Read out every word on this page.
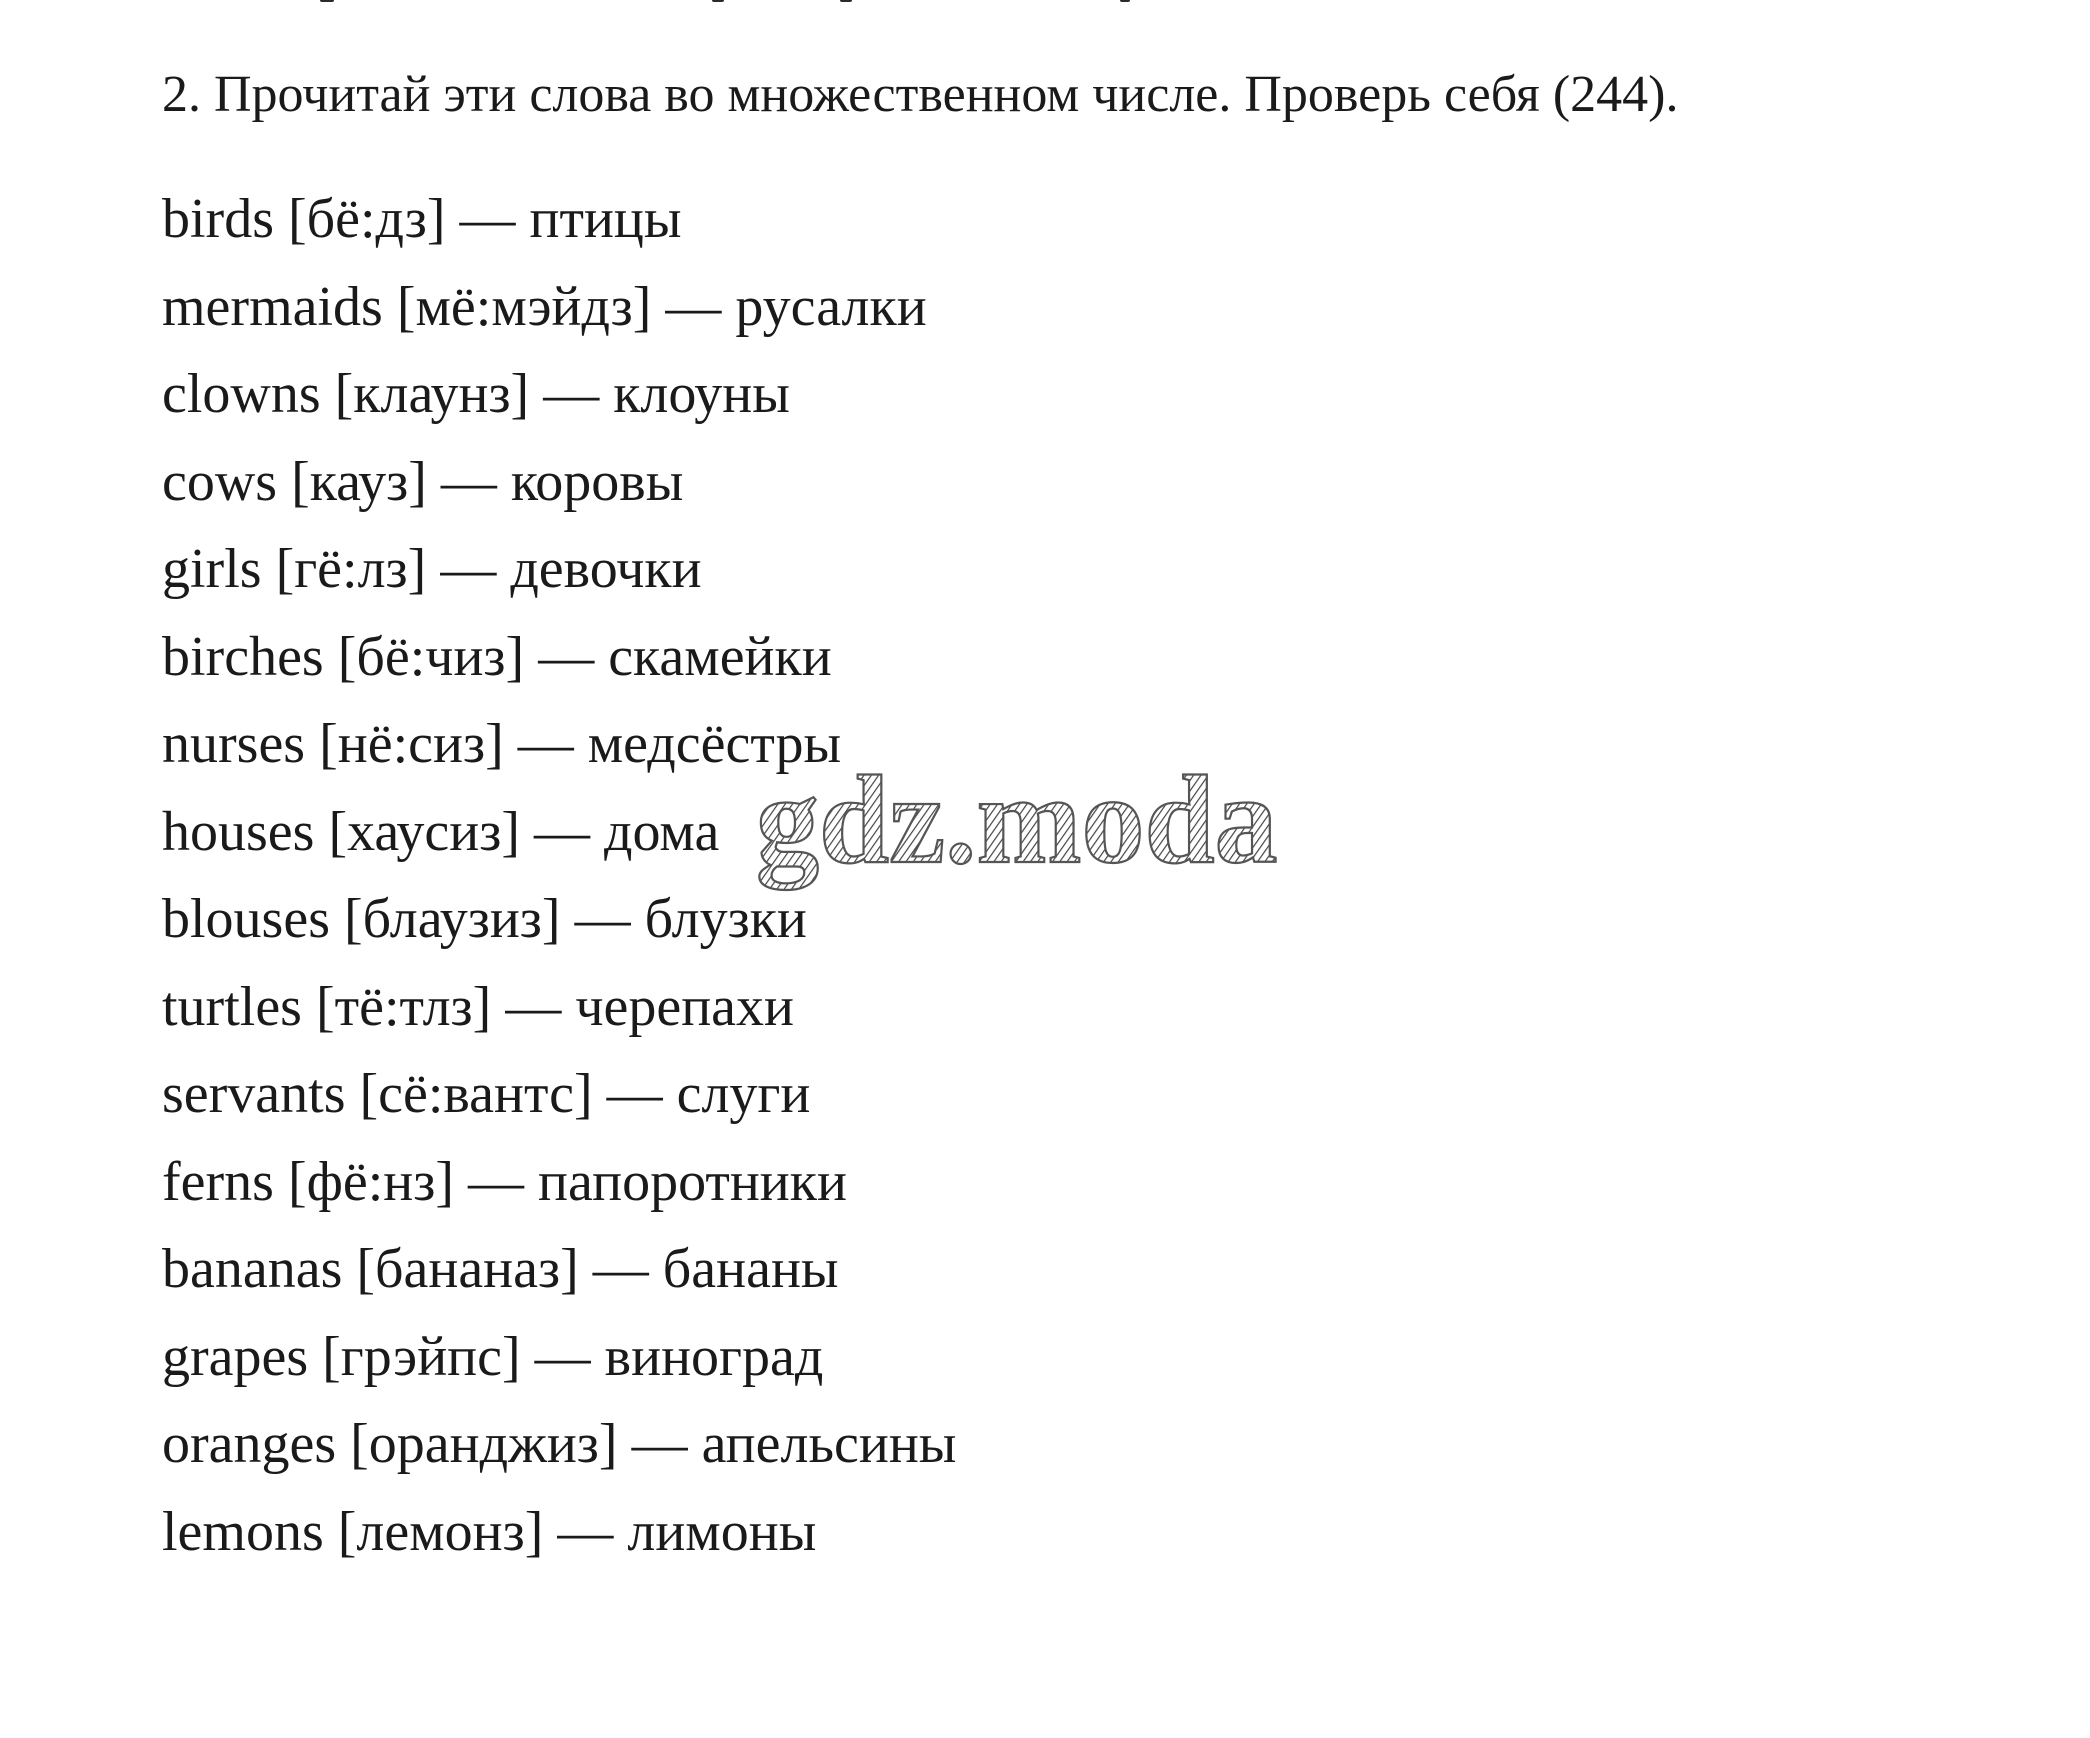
2. Прочитай эти слова во множественном числе. Проверь себя (244).
birds [бё:дз] — птицы
mermaids [мё:мэйдз] — русалки
clowns [клаунз] — клоуны
cows [кауз] — коровы
girls [гё:лз] — девочки
birches [бё:чиз] — скамейки
nurses [нё:сиз] — медсёстры
houses [хаусиз] — дома
blouses [блаузиз] — блузки
turtles [тё:тлз] — черепахи
servants [сё:вантс] — слуги
ferns [фё:нз] — папоротники
bananas [бананаз] — бананы
grapes [грэйпс] — виноград
oranges [оранджиз] — апельсины
lemons [лемонз] — лимоны
gdz.moda
